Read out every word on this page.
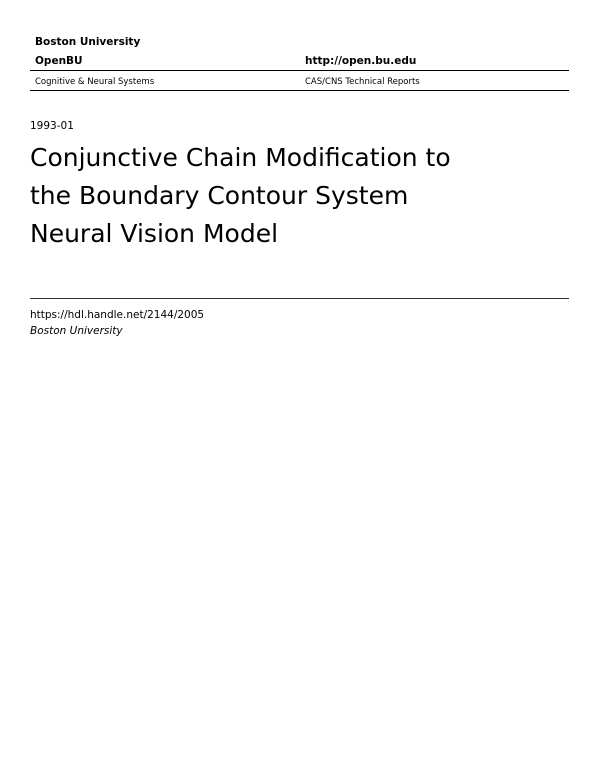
Boston University
OpenBU	http://open.bu.edu
Cognitive & Neural Systems	CAS/CNS Technical Reports
1993-01
Conjunctive Chain Modification to
the Boundary Contour System
Neural Vision Model
https://hdl.handle.net/2144/2005
Boston University
